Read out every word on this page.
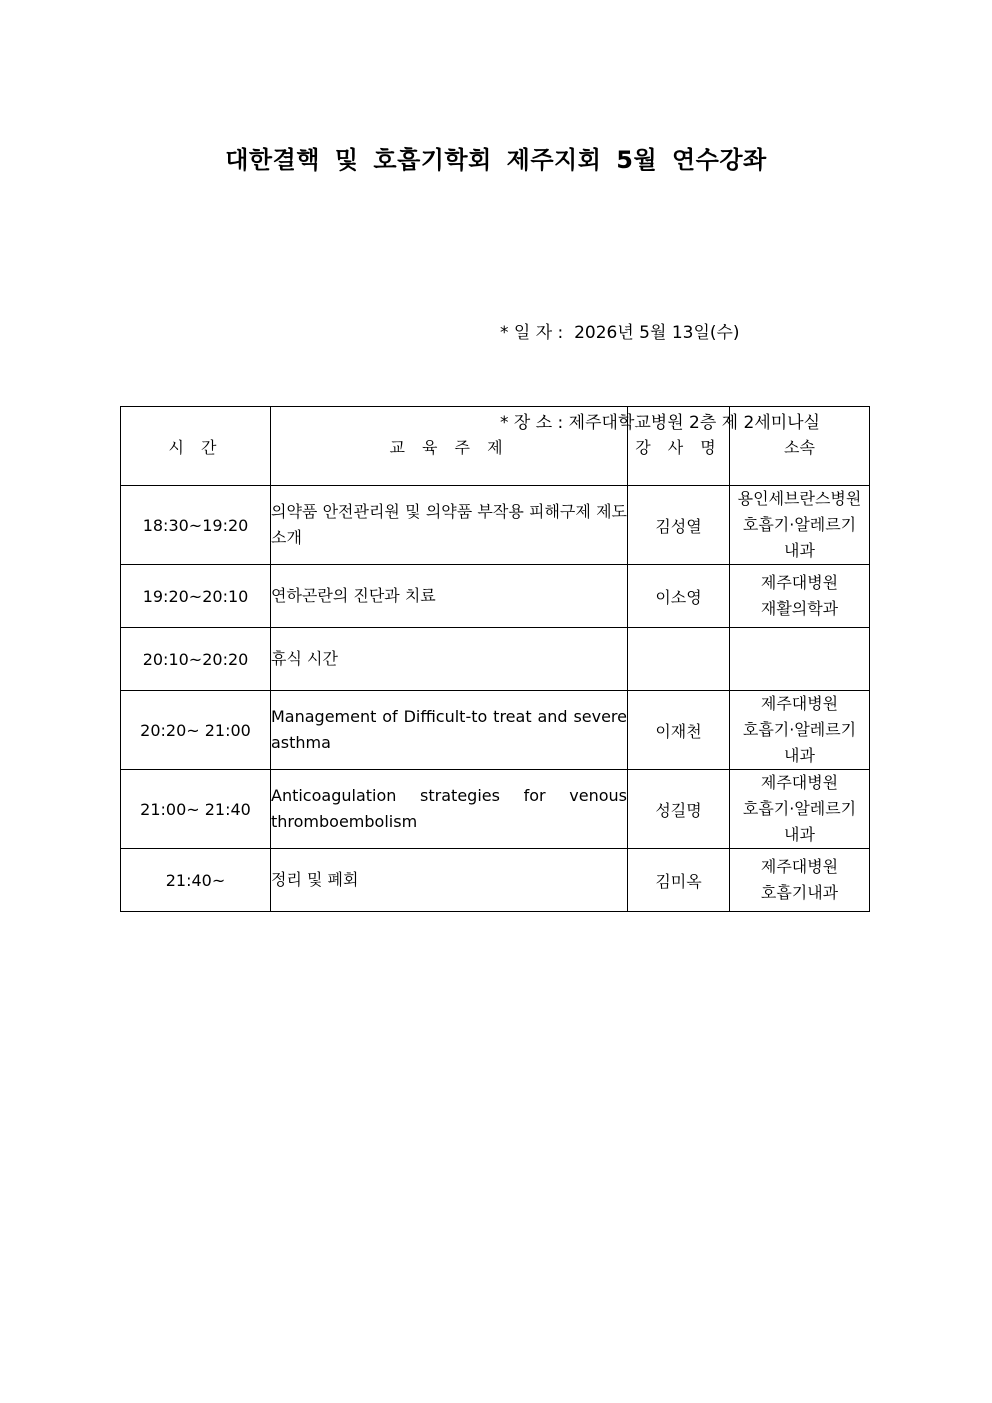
대한결핵 및 호흡기학회 제주지회 5월 연수강좌

* 일 자 :  2026년 5월 13일(수)

* 장 소 : 제주대학교병원 2층 제 2세미나실

시 간	교 육 주 제	강 사 명	소속
18:30~19:20	의약품 안전관리원 및 의약품 부작용 피해구제 제도 소개	김성열	용인세브란스병원
호흡기·알레르기
내과

19:20~20:10	연하곤란의 진단과 치료	이소영	제주대병원
재활의학과

20:10~20:20	휴식 시간		
20:20~ 21:00	Management of Difficult-to treat and severe asthma	이재천	제주대병원
호흡기·알레르기
내과

21:00~ 21:40	Anticoagulation strategies for venous thromboembolism	성길명	제주대병원
호흡기·알레르기
내과

21:40~	정리 및 폐회	김미옥	제주대병원
호흡기내과
